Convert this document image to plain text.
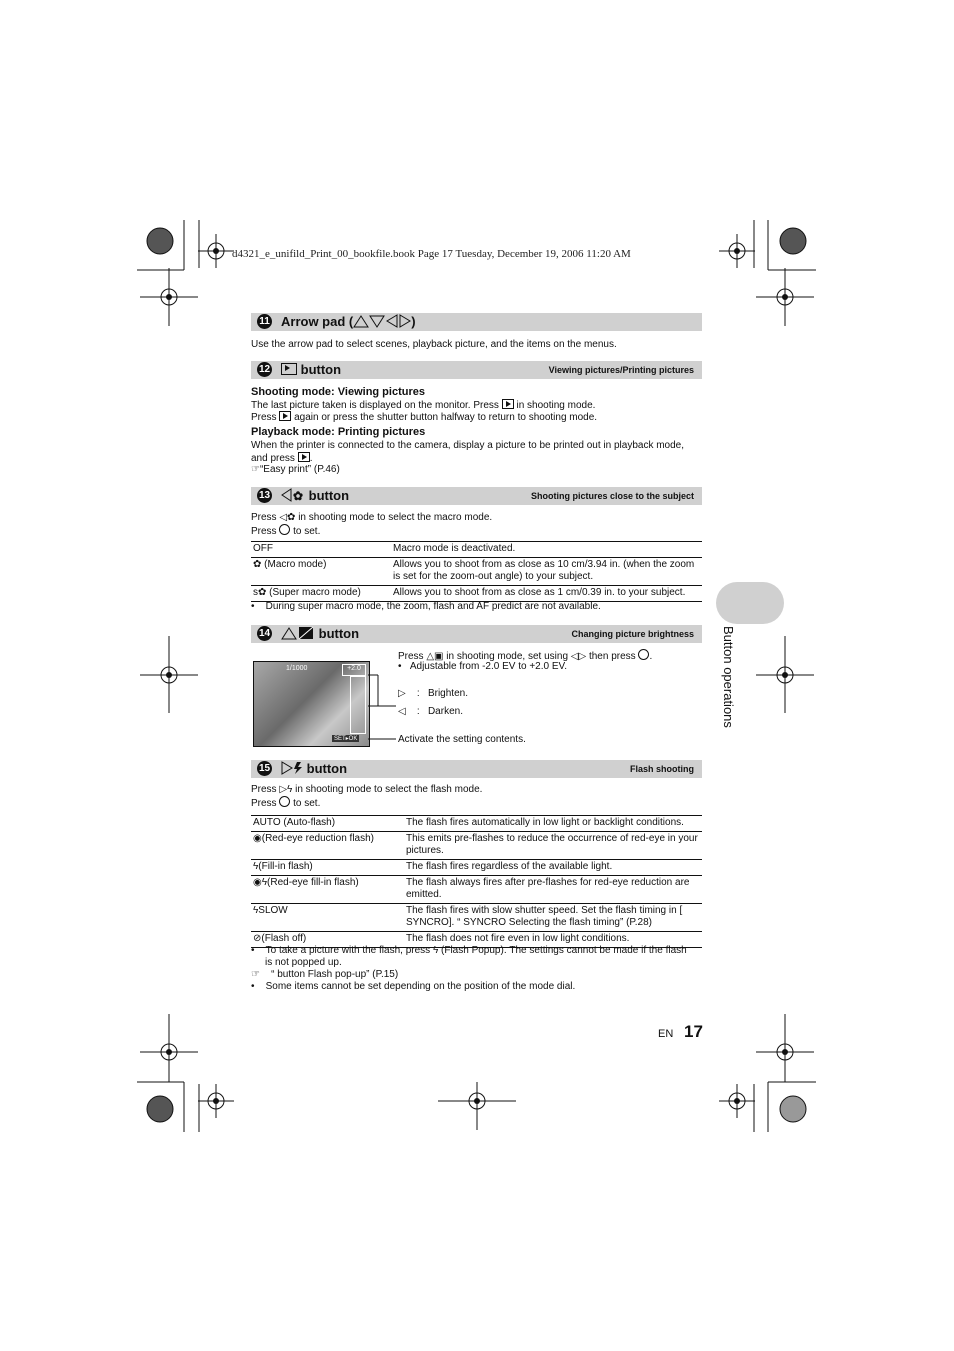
d4321_e_unifild_Print_00_bookfile.book Page 17 Tuesday, December 19, 2006 11:20 AM
11 Arrow pad (	)
Use the arrow pad to select scenes, playback picture, and the items on the menus.
12	button	Viewing pictures/Printing pictures
Shooting mode: Viewing pictures
The last picture taken is displayed on the monitor. Press  in shooting mode.
Press  again or press the shutter button halfway to return to shooting mode.
Playback mode: Printing pictures
When the printer is connected to the camera, display a picture to be printed out in playback mode,
and press .
☞“Easy print” (P.46)
13 ✿ button	Shooting pictures close to the subject
Press ◁✿ in shooting mode to select the macro mode.
Press  to set.
OFF	Macro mode is deactivated.
✿ (Macro mode)	Allows you to shoot from as close as 10 cm/3.94 in. (when the zoom is set for the zoom-out angle) to your subject.
s✿ (Super macro mode)	Allows you to shoot from as close as 1 cm/0.39 in. to your subject.
•    During super macro mode, the zoom, flash and AF predict are not available.
14	button	Changing picture brightness
1/1000	+2.0
SET▸OK
Press △▣ in shooting mode, set using ◁▷ then press .
•   Adjustable from -2.0 EV to +2.0 EV.
▷ : Brighten.
◁ : Darken.
Activate the setting contents.
15	button	Flash shooting
Press ▷ϟ in shooting mode to select the flash mode.
Press  to set.
AUTO (Auto-flash)	The flash fires automatically in low light or backlight conditions.
◉(Red-eye reduction flash)	This emits pre-flashes to reduce the occurrence of red-eye in your pictures.
ϟ(Fill-in flash)	The flash fires regardless of the available light.
◉ϟ(Red-eye fill-in flash)	The flash always fires after pre-flashes for red-eye reduction are emitted.
ϟSLOW	The flash fires with slow shutter speed. Set the flash timing in [ SYNCRO]. “ SYNCRO Selecting the flash timing” (P.28)
⊘(Flash off)	The flash does not fire even in low light conditions.
•    To take a picture with the flash, press ϟ (Flash Popup). The settings cannot be made if the flash
is not popped up.
☞ “ button Flash pop-up” (P.15)
•    Some items cannot be set depending on the position of the mode dial.
Button operations
EN 17
